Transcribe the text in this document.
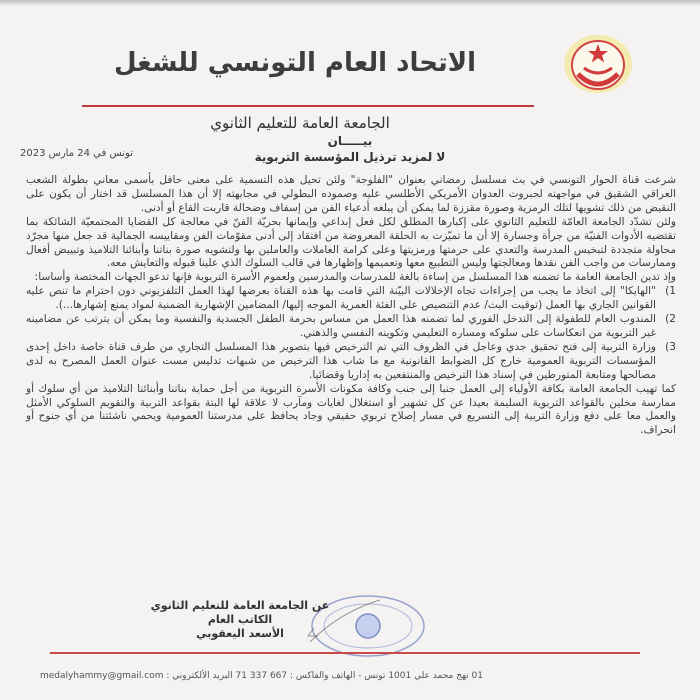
الاتحاد العام التونسي للشغل
الجامعة العامة للتعليم الثانوي
تونس في 24 مارس 2023
بيـــــان
لا لمزيد ترذيل المؤسسة التربوية

شرعت قناة الحوار التونسي في بث مسلسل رمضاني بعنوان "الفلوجة" ولئن تحيل هذه التسمية على معنى حافل بأسمى معاني بطولة الشعب العراقي الشقيق في مواجهته لجبروت العدوان الأمريكي الأطلسي عليه وصموده البطولي في مجابهته إلا أن هذا المسلسل قد اختار أن يكون على النقيض من ذلك تشويها لتلك الرمزية وصورة مقززة لما يمكن أن يبلغه أدعياء الفن من إسفاف وضحالة قاربت القاع أو أدنى.

ولئن تشدّد الجامعة العامّة للتعليم الثانوي على إكبارها المطلق لكل فعل إبداعي وإيمانها بحريّة الفنّ في معالجة كل القضايا المجتمعيّة الشائكة بما تقتضيه الأدوات الفنيّة من جرأة وجسارة إلا أن ما تميّزت به الحلقة المعروضة من افتقاد إلى أدنى مقوّمات الفن ومقاييسه الجمالية قد جعل منها مجرّد محاولة متجددة لتبخيس المدرسة والتعدي على حرمتها ورمزيتها وعلى كرامة العاملات والعاملين بها ولتشويه صورة بناتنا وأبنائنا التلاميذ وتبييض أفعال وممارسات من واجب الفن نقدها ومعالجتها وليس التطبيع معها وتعميمها وإظهارها في قالب السلوك الذي علينا قبوله والتعايش معه.

وإذ تدين الجامعة العامة ما تضمنه هذا المسلسل من إساءة بالغة للمدرسات والمدرسين ولعموم الأسرة التربوية فإنها تدعو الجهات المختصة وأساسا:

1)
"الهايكا" إلى اتخاذ ما يجب من إجراءات تجاه الإخلالات البيّنة التي قامت بها هذه القناة بعرضها لهذا العمل التلفزيوني دون احترام ما تنص عليه القوانين الجاري بها العمل (توقيت البث/ عدم التنصيص على الفئة العمرية الموجه إليها/ المضامين الإشهارية الضمنية لمواد يمنع إشهارها...).
2)
المندوب العام للطفولة إلى التدخل الفوري لما تضمنه هذا العمل من مساس بحرمة الطفل الجسدية والنفسية وما يمكن أن يترتب عن مضامينه غير التربوية من انعكاسات على سلوكه ومساره التعليمي وتكوينه النفسي والذهني.
3)
وزارة التربية إلى فتح تحقيق جدي وعاجل في الظروف التي تم الترخيص فيها بتصوير هذا المسلسل التجاري من طرف قناة خاصة داخل إحدى المؤسسات التربوية العمومية خارج كل الضوابط القانونية مع ما شاب هذا الترخيص من شبهات تدليس مست عنوان العمل المصرح به لدى مصالحها ومتابعة المتورطين في إسناد هذا الترخيص والمنتفعين به إداريا وقضائيا.

كما تهيب الجامعة العامة بكافة الأولياء إلى العمل جنبا إلى جنب وكافة مكونات الأسرة التربوية من أجل حماية بناتنا وأبنائنا التلاميذ من أي سلوك أو ممارسة مخلين بالقواعد التربوية السليمة بعيدا عن كل تشهير أو استغلال لغايات ومآرب لا علاقة لها البتة بقواعد التربية والتقويم السلوكي الأمثل والعمل معا على دفع وزارة التربية إلى التسريع في مسار إصلاح تربوي حقيقي وجاد يحافظ على مدرستنا العمومية ويحمي ناشئتنا من أي جنوح أو انحراف.

عن الجامعة العامة للتعليم الثانوي
الكاتب العام
الأسعد اليعقوبي
01 نهج محمد علي 1001 تونس - الهاتف والفاكس : 667 337 71 البريد الألكتروني : medalyhammy@gmail.com
